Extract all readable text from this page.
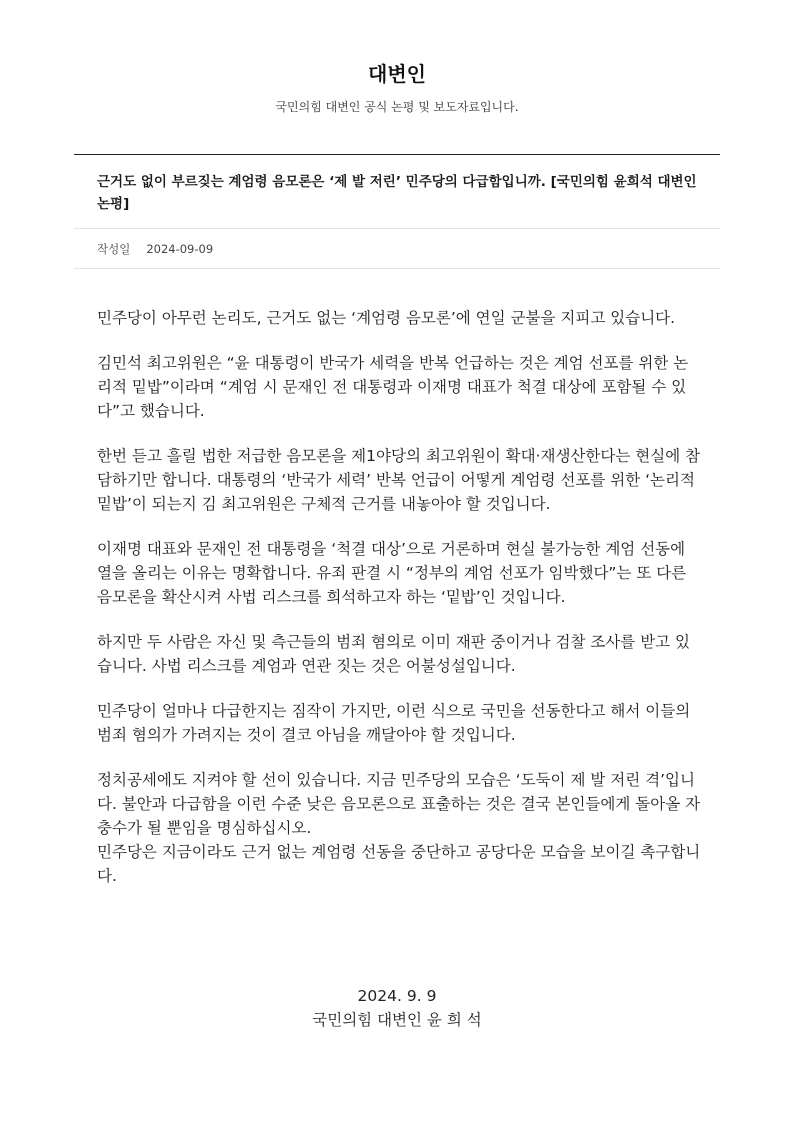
대변인
국민의힘 대변인 공식 논평 및 보도자료입니다.
근거도 없이 부르짖는 계엄령 음모론은 ‘제 발 저린’ 민주당의 다급함입니까. [국민의힘 윤희석 대변인 논평]
작성일 2024-09-09

민주당이 아무런 논리도, 근거도 없는 ‘계엄령 음모론’에 연일 군불을 지피고 있습니다.

김민석 최고위원은 “윤 대통령이 반국가 세력을 반복 언급하는 것은 계엄 선포를 위한 논리적 밑밥”이라며 “계엄 시 문재인 전 대통령과 이재명 대표가 척결 대상에 포함될 수 있다”고 했습니다.

한번 듣고 흘릴 법한 저급한 음모론을 제1야당의 최고위원이 확대·재생산한다는 현실에 참담하기만 합니다. 대통령의 ‘반국가 세력’ 반복 언급이 어떻게 계엄령 선포를 위한 ‘논리적 밑밥’이 되는지 김 최고위원은 구체적 근거를 내놓아야 할 것입니다.

이재명 대표와 문재인 전 대통령을 ‘척결 대상’으로 거론하며 현실 불가능한 계엄 선동에 열을 올리는 이유는 명확합니다. 유죄 판결 시 “정부의 계엄 선포가 임박했다”는 또 다른 음모론을 확산시켜 사법 리스크를 희석하고자 하는 ‘밑밥’인 것입니다.

하지만 두 사람은 자신 및 측근들의 범죄 혐의로 이미 재판 중이거나 검찰 조사를 받고 있습니다. 사법 리스크를 계엄과 연관 짓는 것은 어불성설입니다.

민주당이 얼마나 다급한지는 짐작이 가지만, 이런 식으로 국민을 선동한다고 해서 이들의 범죄 혐의가 가려지는 것이 결코 아님을 깨달아야 할 것입니다.

정치공세에도 지켜야 할 선이 있습니다. 지금 민주당의 모습은 ‘도둑이 제 발 저린 격’입니다. 불안과 다급함을 이런 수준 낮은 음모론으로 표출하는 것은 결국 본인들에게 돌아올 자충수가 될 뿐임을 명심하십시오.

민주당은 지금이라도 근거 없는 계엄령 선동을 중단하고 공당다운 모습을 보이길 촉구합니다.

2024. 9. 9
국민의힘 대변인 윤 희 석
